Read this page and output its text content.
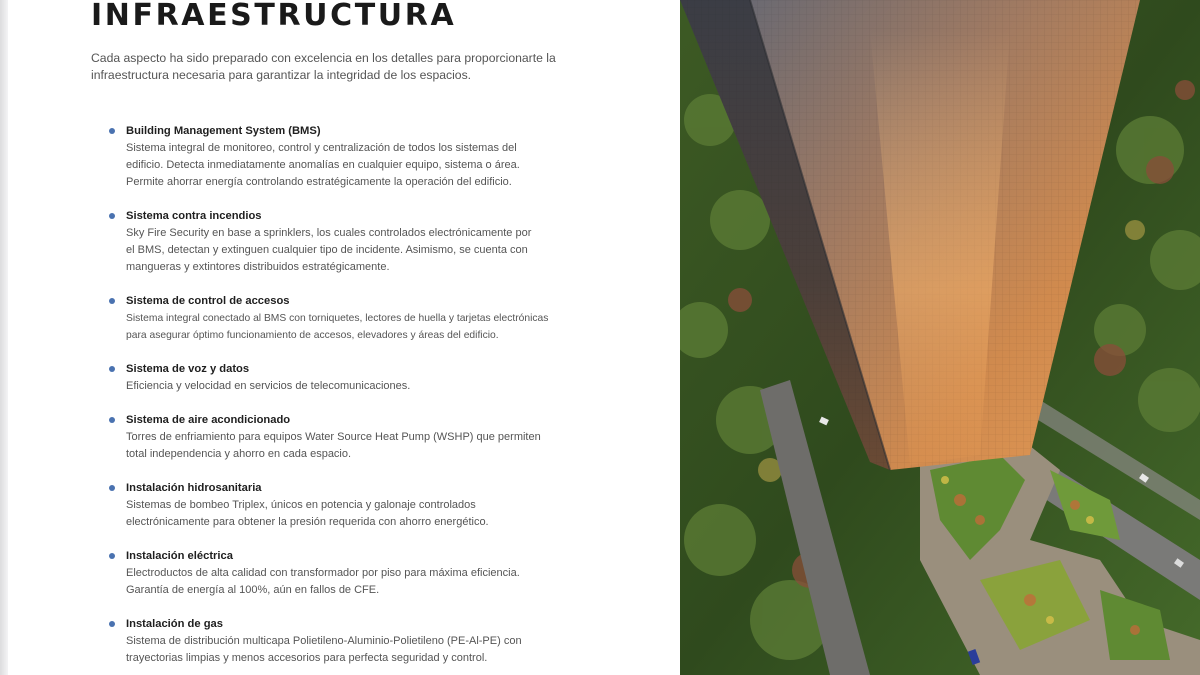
INFRAESTRUCTURA

Cada aspecto ha sido preparado con excelencia en los detalles para proporcionarte la infraestructura necesaria para garantizar la integridad de los espacios.

Building Management System (BMS)

Sistema integral de monitoreo, control y centralización de todos los sistemas del
edificio. Detecta inmediatamente anomalías en cualquier equipo, sistema o área.
Permite ahorrar energía controlando estratégicamente la operación del edificio.

Sistema contra incendios

Sky Fire Security en base a sprinklers, los cuales controlados electrónicamente por
el BMS, detectan y extinguen cualquier tipo de incidente. Asimismo, se cuenta con
mangueras y extintores distribuidos estratégicamente.

Sistema de control de accesos

Sistema integral conectado al BMS con torniquetes, lectores de huella y tarjetas electrónicas
para asegurar óptimo funcionamiento de accesos, elevadores y áreas del edificio.

Sistema de voz y datos

Eficiencia y velocidad en servicios de telecomunicaciones.

Sistema de aire acondicionado

Torres de enfriamiento para equipos Water Source Heat Pump (WSHP) que permiten
total independencia y ahorro en cada espacio.

Instalación hidrosanitaria

Sistemas de bombeo Triplex, únicos en potencia y galonaje controlados
electrónicamente para obtener la presión requerida con ahorro energético.

Instalación eléctrica

Electroductos de alta calidad con transformador por piso para máxima eficiencia.
Garantía de energía al 100%, aún en fallos de CFE.

Instalación de gas

Sistema de distribución multicapa Polietileno-Aluminio-Polietileno (PE-Al-PE) con
trayectorias limpias y menos accesorios para perfecta seguridad y control.
